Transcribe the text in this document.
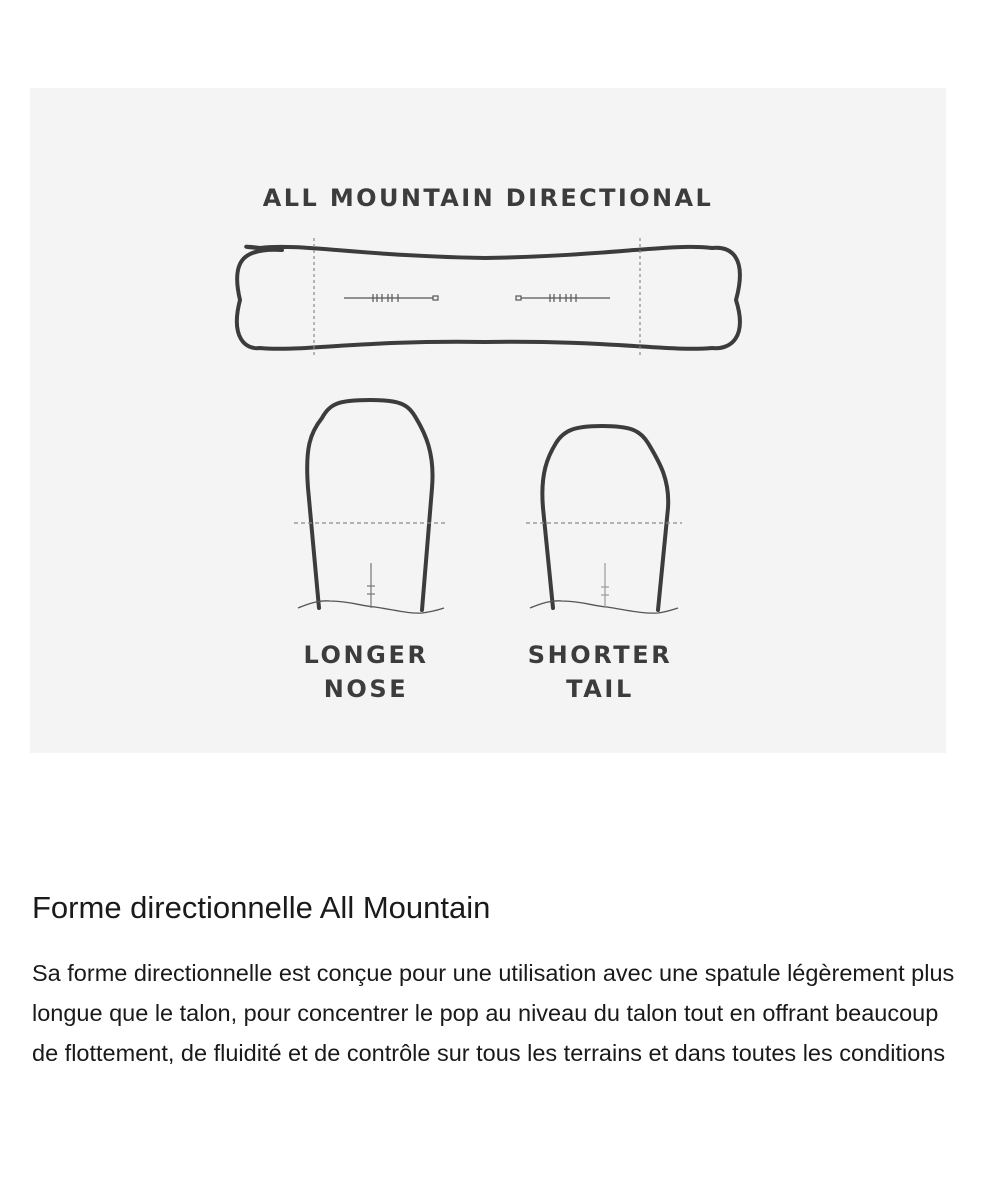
ALL MOUNTAIN DIRECTIONAL
LONGER
NOSE
SHORTER
TAIL
Forme directionnelle All Mountain

Sa forme directionnelle est conçue pour une utilisation avec une spatule légèrement plus longue que le talon, pour concentrer le pop au niveau du talon tout en offrant beaucoup de flottement, de fluidité et de contrôle sur tous les terrains et dans toutes les conditions
